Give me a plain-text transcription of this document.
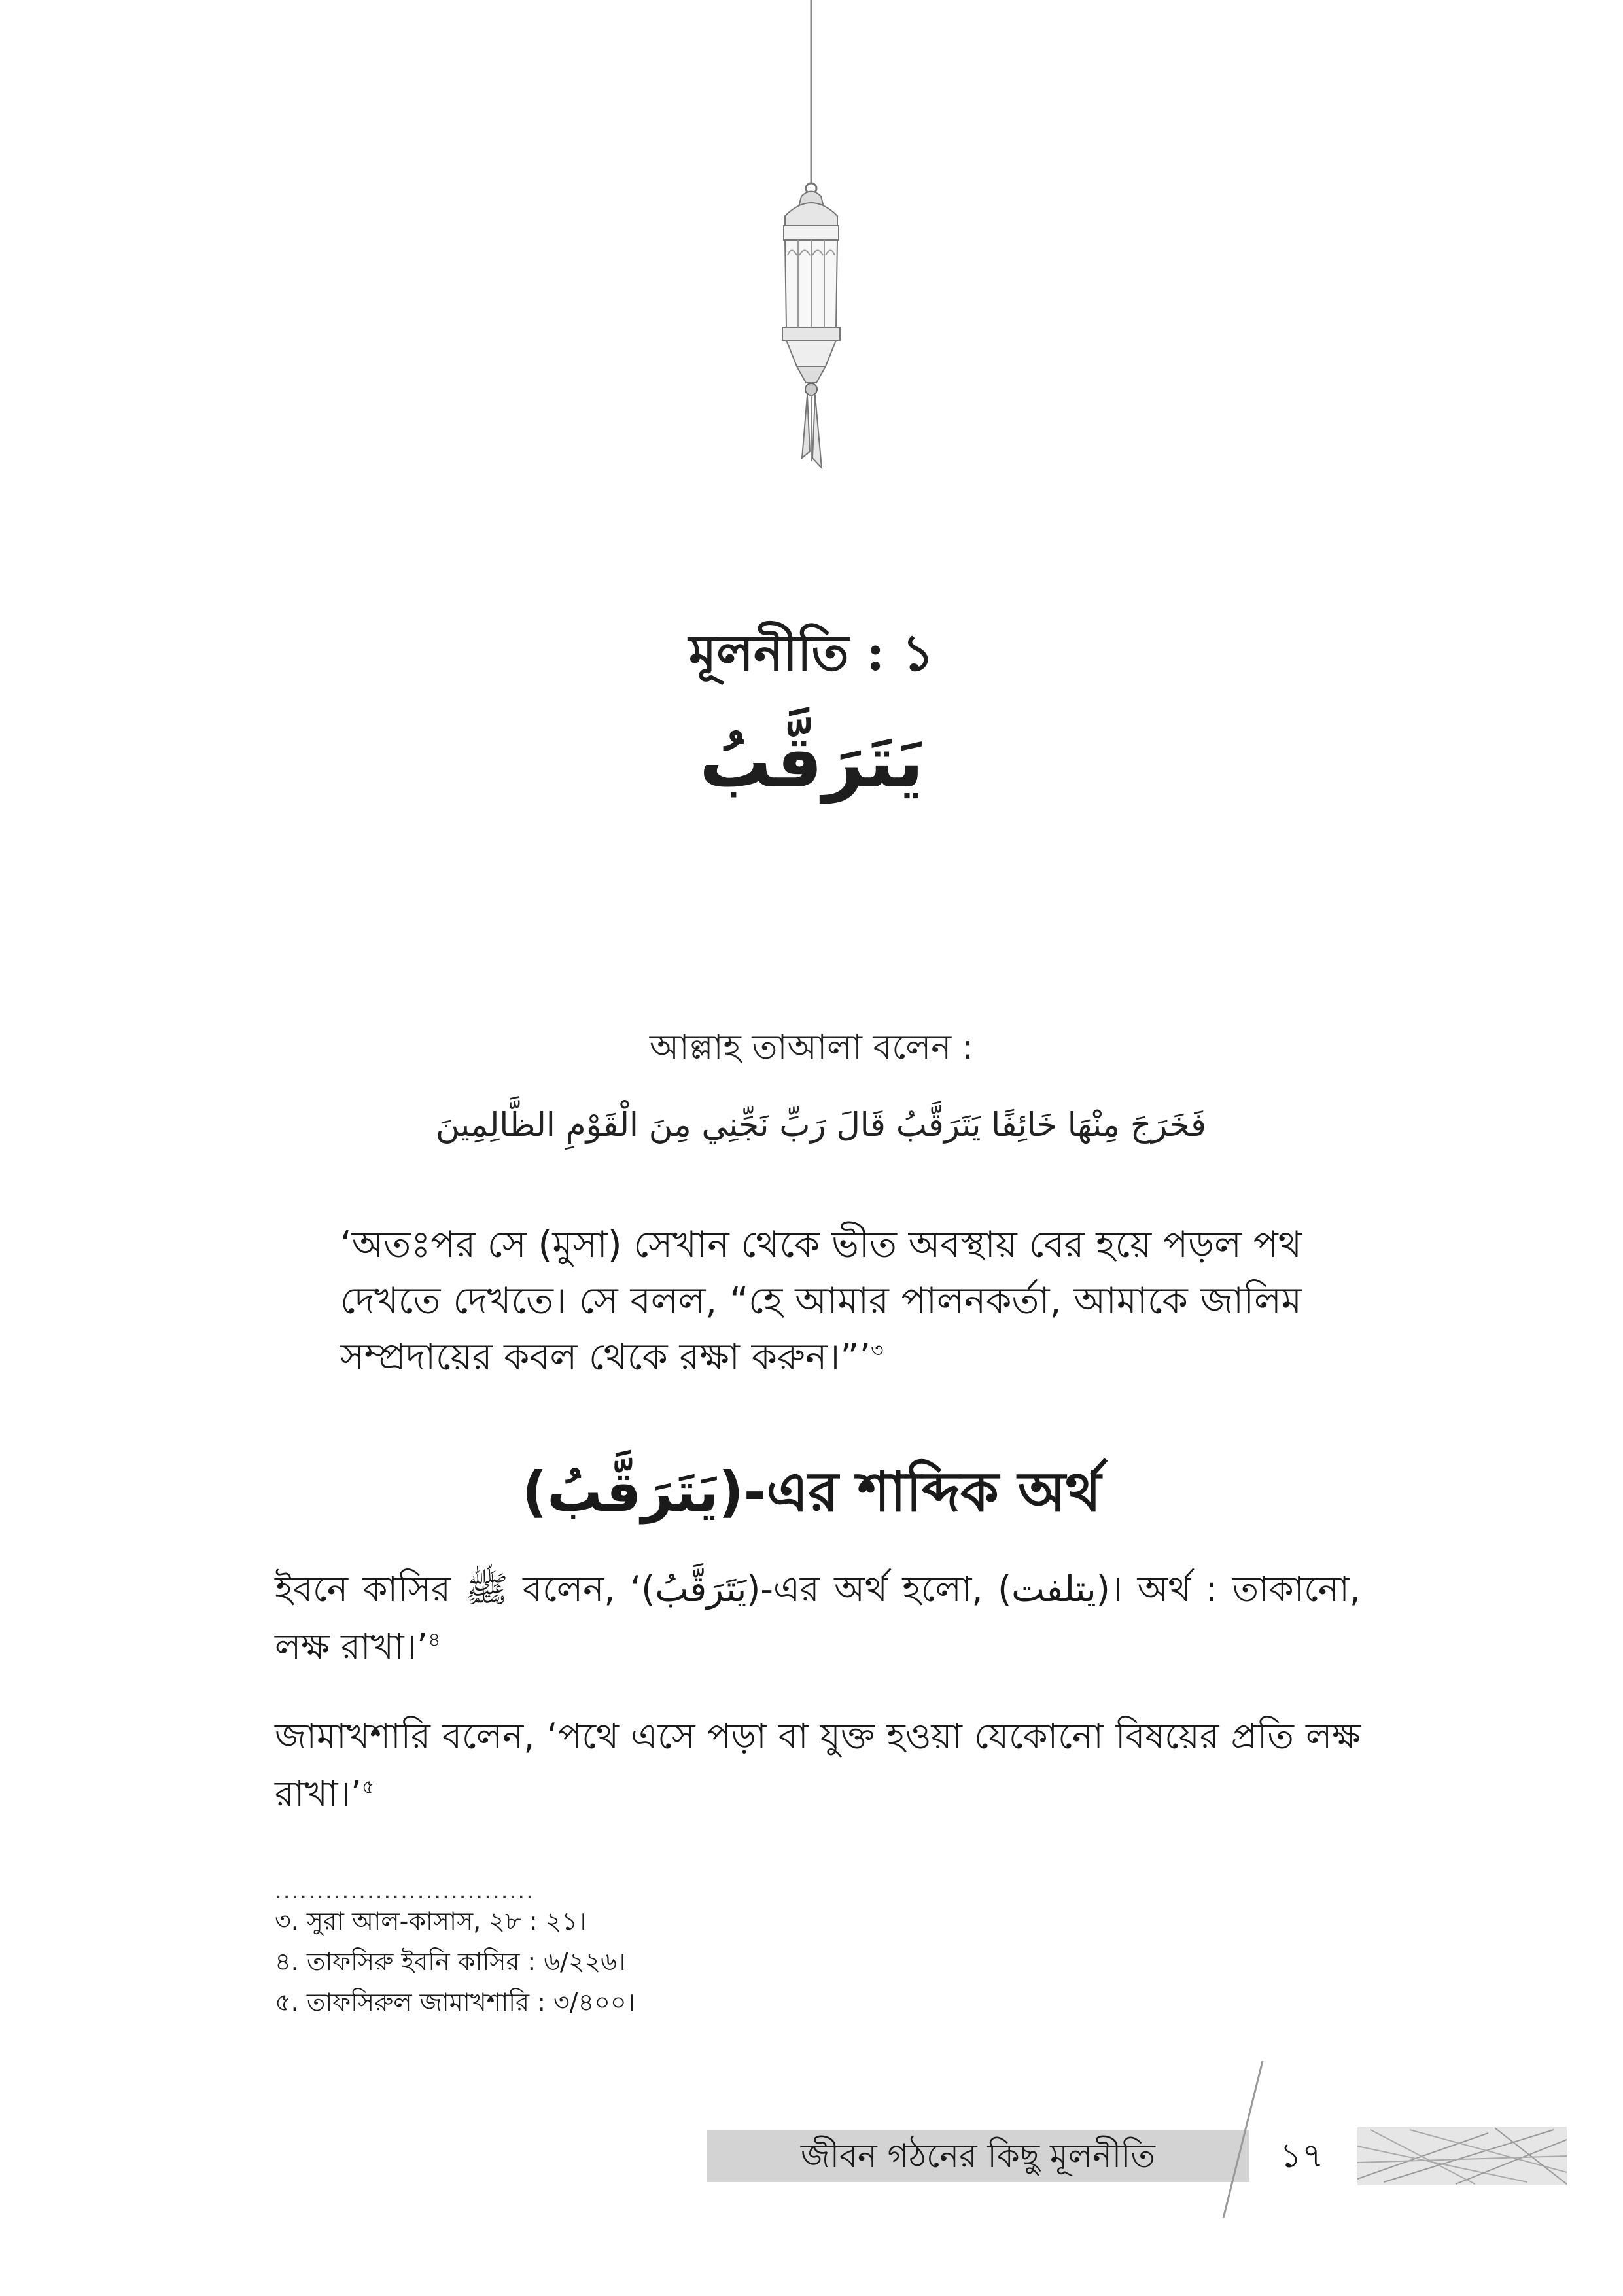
মূলনীতি : ১
يَتَرَقَّبُ
আল্লাহ তাআলা বলেন :
فَخَرَجَ مِنْهَا خَائِفًا يَتَرَقَّبُ قَالَ رَبِّ نَجِّنِي مِنَ الْقَوْمِ الظَّالِمِينَ
‘অতঃপর সে (মুসা) সেখান থেকে ভীত অবস্থায় বের হয়ে পড়ল পথ দেখতে দেখতে। সে বলল, “হে আমার পালনকর্তা, আমাকে জালিম সম্প্রদায়ের কবল থেকে রক্ষা করুন।”’$^৩$
(يَتَرَقَّبُ)-এর শাব্দিক অর্থ
ইবনে কাসির ﷺ বলেন, ‘(يَتَرَقَّبُ)-এর অর্থ হলো, (يتلفت)। অর্থ : তাকানো, লক্ষ রাখা।’$^৪$
জামাখশারি বলেন, ‘পথে এসে পড়া বা যুক্ত হওয়া যেকোনো বিষয়ের প্রতি লক্ষ রাখা।’$^৫$
...............................
৩. সুরা আল-কাসাস, ২৮ : ২১।
৪. তাফসিরু ইবনি কাসির : ৬/২২৬।
৫. তাফসিরুল জামাখশারি : ৩/৪০০।
জীবন গঠনের কিছু মূলনীতি	১৭
